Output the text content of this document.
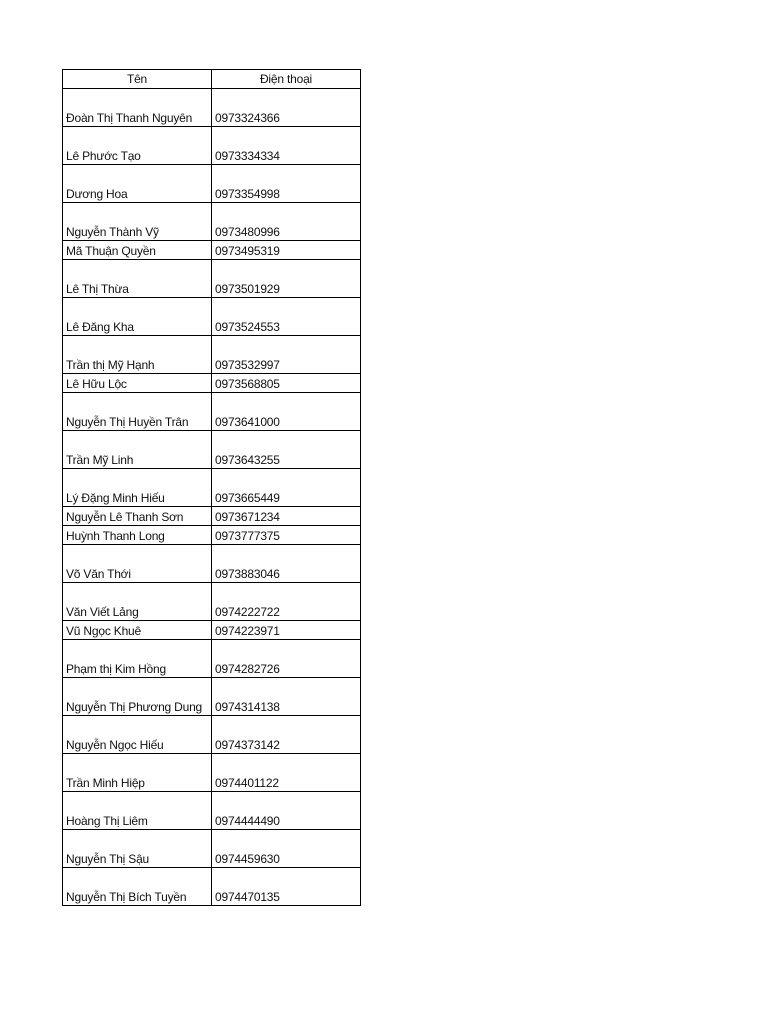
Tên	Điện thoại
Đoàn Thị Thanh Nguyên	0973324366
Lê Phước Tạo	0973334334
Dương Hoa	0973354998
Nguyễn Thành Vỹ	0973480996
Mã Thuận Quyền	0973495319
Lê Thị Thừa	0973501929
Lê Đăng Kha	0973524553
Trần thị Mỹ Hạnh	0973532997
Lê Hữu Lộc	0973568805
Nguyễn Thị Huyền Trân	0973641000
Trần Mỹ Linh	0973643255
Lý Đặng Minh Hiếu	0973665449
Nguyễn Lê Thanh Sơn	0973671234
Huỳnh Thanh Long	0973777375
Võ Văn Thới	0973883046
Văn Viết Lảng	0974222722
Vũ Ngọc Khuê	0974223971
Phạm thị Kim Hồng	0974282726
Nguyễn Thị Phương Dung	0974314138
Nguyễn Ngọc Hiếu	0974373142
Trần Minh Hiệp	0974401122
Hoàng Thị Liêm	0974444490
Nguyễn Thị Sậu	0974459630
Nguyễn Thị Bích Tuyền	0974470135
